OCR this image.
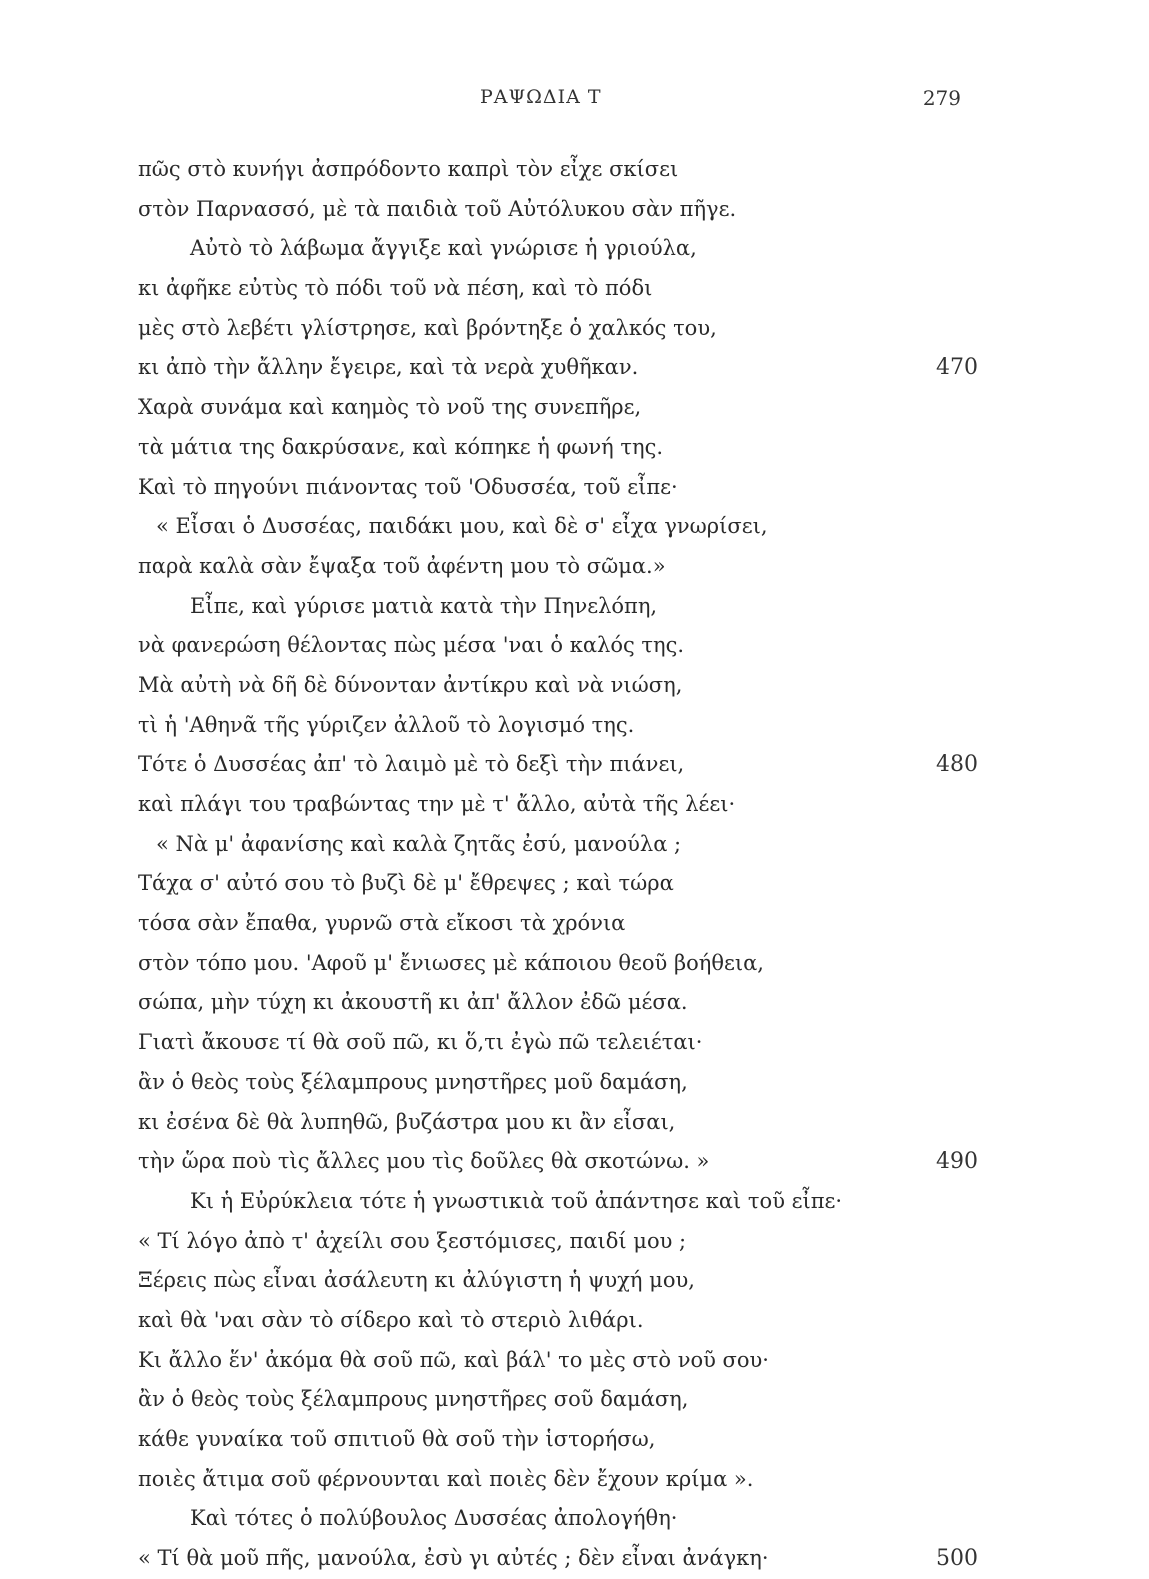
ΡΑΨΩΔΙΑ Τ	279
πῶς στὸ κυνήγι ἀσπρόδοντο καπρὶ τὸν εἶχε σκίσει
στὸν Παρνασσό, μὲ τὰ παιδιὰ τοῦ Αὐτόλυκου σὰν πῆγε.
Αὐτὸ τὸ λάβωμα ἄγγιξε καὶ γνώρισε ἡ γριούλα,
κι ἀφῆκε εὐτὺς τὸ πόδι τοῦ νὰ πέση, καὶ τὸ πόδι
μὲς στὸ λεβέτι γλίστρησε, καὶ βρόντηξε ὁ χαλκός του,
κι ἀπὸ τὴν ἄλλην ἔγειρε, καὶ τὰ νερὰ χυθῆκαν.	470
Χαρὰ συνάμα καὶ καημὸς τὸ νοῦ της συνεπῆρε,
τὰ μάτια της δακρύσανε, καὶ κόπηκε ἡ φωνή της.
Καὶ τὸ πηγούνι πιάνοντας τοῦ 'Οδυσσέα, τοῦ εἶπε·
« Εἶσαι ὁ Δυσσέας, παιδάκι μου, καὶ δὲ σ' εἶχα γνωρίσει,
παρὰ καλὰ σὰν ἔψαξα τοῦ ἀφέντη μου τὸ σῶμα.»
Εἶπε, καὶ γύρισε ματιὰ κατὰ τὴν Πηνελόπη,
νὰ φανερώση θέλοντας πὼς μέσα 'ναι ὁ καλός της.
Μὰ αὐτὴ νὰ δῆ δὲ δύνονταν ἀντίκρυ καὶ νὰ νιώση,
τὶ ἡ 'Αθηνᾶ τῆς γύριζεν ἀλλοῦ τὸ λογισμό της.
Τότε ὁ Δυσσέας ἀπ' τὸ λαιμὸ μὲ τὸ δεξὶ τὴν πιάνει,	480
καὶ πλάγι του τραβώντας την μὲ τ' ἄλλο, αὐτὰ τῆς λέει·
« Νὰ μ' ἀφανίσης καὶ καλὰ ζητᾶς ἐσύ, μανούλα ;
Τάχα σ' αὐτό σου τὸ βυζὶ δὲ μ' ἔθρεψες ; καὶ τώρα
τόσα σὰν ἔπαθα, γυρνῶ στὰ εἴκοσι τὰ χρόνια
στὸν τόπο μου. 'Αφοῦ μ' ἔνιωσες μὲ κάποιου θεοῦ βοήθεια,
σώπα, μὴν τύχη κι ἀκουστῆ κι ἀπ' ἄλλον ἐδῶ μέσα.
Γιατὶ ἄκουσε τί θὰ σοῦ πῶ, κι ὅ,τι ἐγὼ πῶ τελειέται·
ἂν ὁ θεὸς τοὺς ξέλαμπρους μνηστῆρες μοῦ δαμάση,
κι ἐσένα δὲ θὰ λυπηθῶ, βυζάστρα μου κι ἂν εἶσαι,
τὴν ὥρα ποὺ τὶς ἄλλες μου τὶς δοῦλες θὰ σκοτώνω. »	490
Κι ἡ Εὐρύκλεια τότε ἡ γνωστικιὰ τοῦ ἀπάντησε καὶ τοῦ εἶπε·
« Τί λόγο ἀπὸ τ' ἀχείλι σου ξεστόμισες, παιδί μου ;
Ξέρεις πὼς εἶναι ἀσάλευτη κι ἀλύγιστη ἡ ψυχή μου,
καὶ θὰ 'ναι σὰν τὸ σίδερο καὶ τὸ στεριὸ λιθάρι.
Κι ἄλλο ἕν' ἀκόμα θὰ σοῦ πῶ, καὶ βάλ' το μὲς στὸ νοῦ σου·
ἂν ὁ θεὸς τοὺς ξέλαμπρους μνηστῆρες σοῦ δαμάση,
κάθε γυναίκα τοῦ σπιτιοῦ θὰ σοῦ τὴν ἱστορήσω,
ποιὲς ἄτιμα σοῦ φέρνουνται καὶ ποιὲς δὲν ἔχουν κρίμα ».
Καὶ τότες ὁ πολύβουλος Δυσσέας ἀπολογήθη·
« Τί θὰ μοῦ πῆς, μανούλα, ἐσὺ γι αὐτές ; δὲν εἶναι ἀνάγκη·	500
